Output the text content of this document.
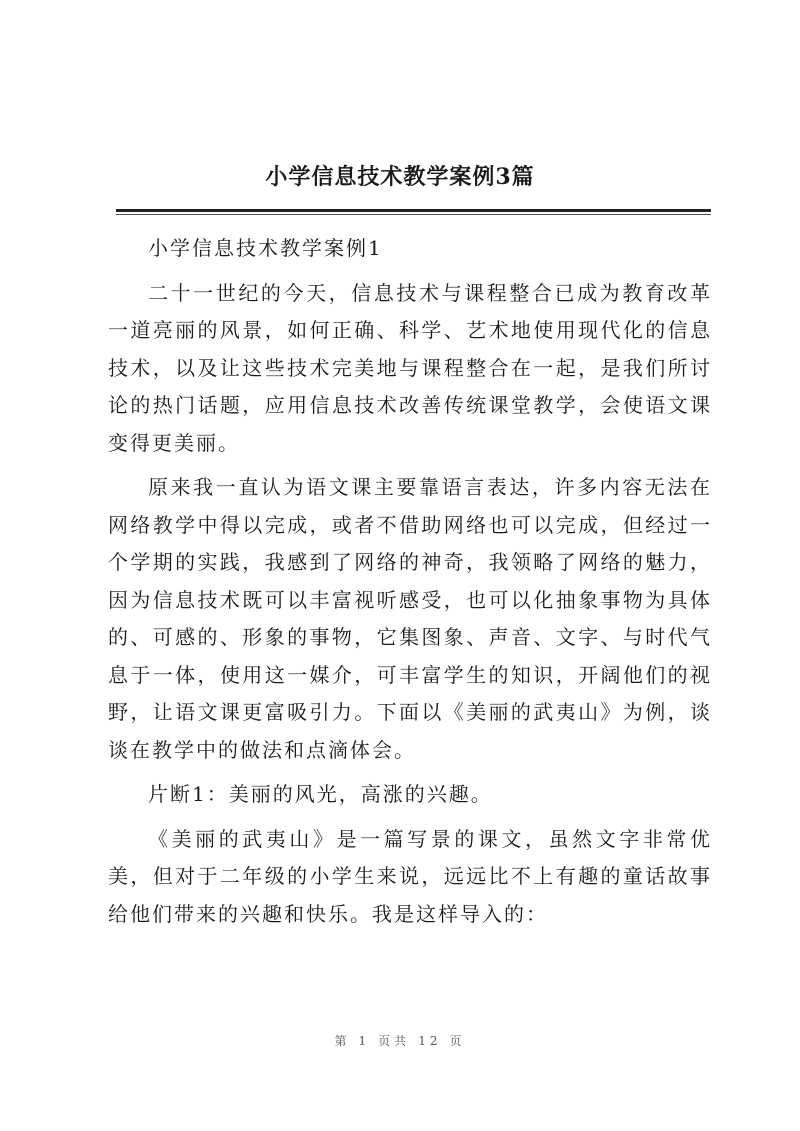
小学信息技术教学案例3篇

小学信息技术教学案例1

二十一世纪的今天，信息技术与课程整合已成为教育改革一道亮丽的风景，如何正确、科学、艺术地使用现代化的信息技术，以及让这些技术完美地与课程整合在一起，是我们所讨论的热门话题，应用信息技术改善传统课堂教学，会使语文课变得更美丽。

原来我一直认为语文课主要靠语言表达，许多内容无法在网络教学中得以完成，或者不借助网络也可以完成，但经过一个学期的实践，我感到了网络的神奇，我领略了网络的魅力，因为信息技术既可以丰富视听感受，也可以化抽象事物为具体的、可感的、形象的事物，它集图象、声音、文字、与时代气息于一体，使用这一媒介，可丰富学生的知识，开阔他们的视野，让语文课更富吸引力。下面以《美丽的武夷山》为例，谈谈在教学中的做法和点滴体会。

片断1：美丽的风光，高涨的兴趣。

《美丽的武夷山》是一篇写景的课文，虽然文字非常优美，但对于二年级的小学生来说，远远比不上有趣的童话故事给他们带来的兴趣和快乐。我是这样导入的：

第 1 页共 12 页
